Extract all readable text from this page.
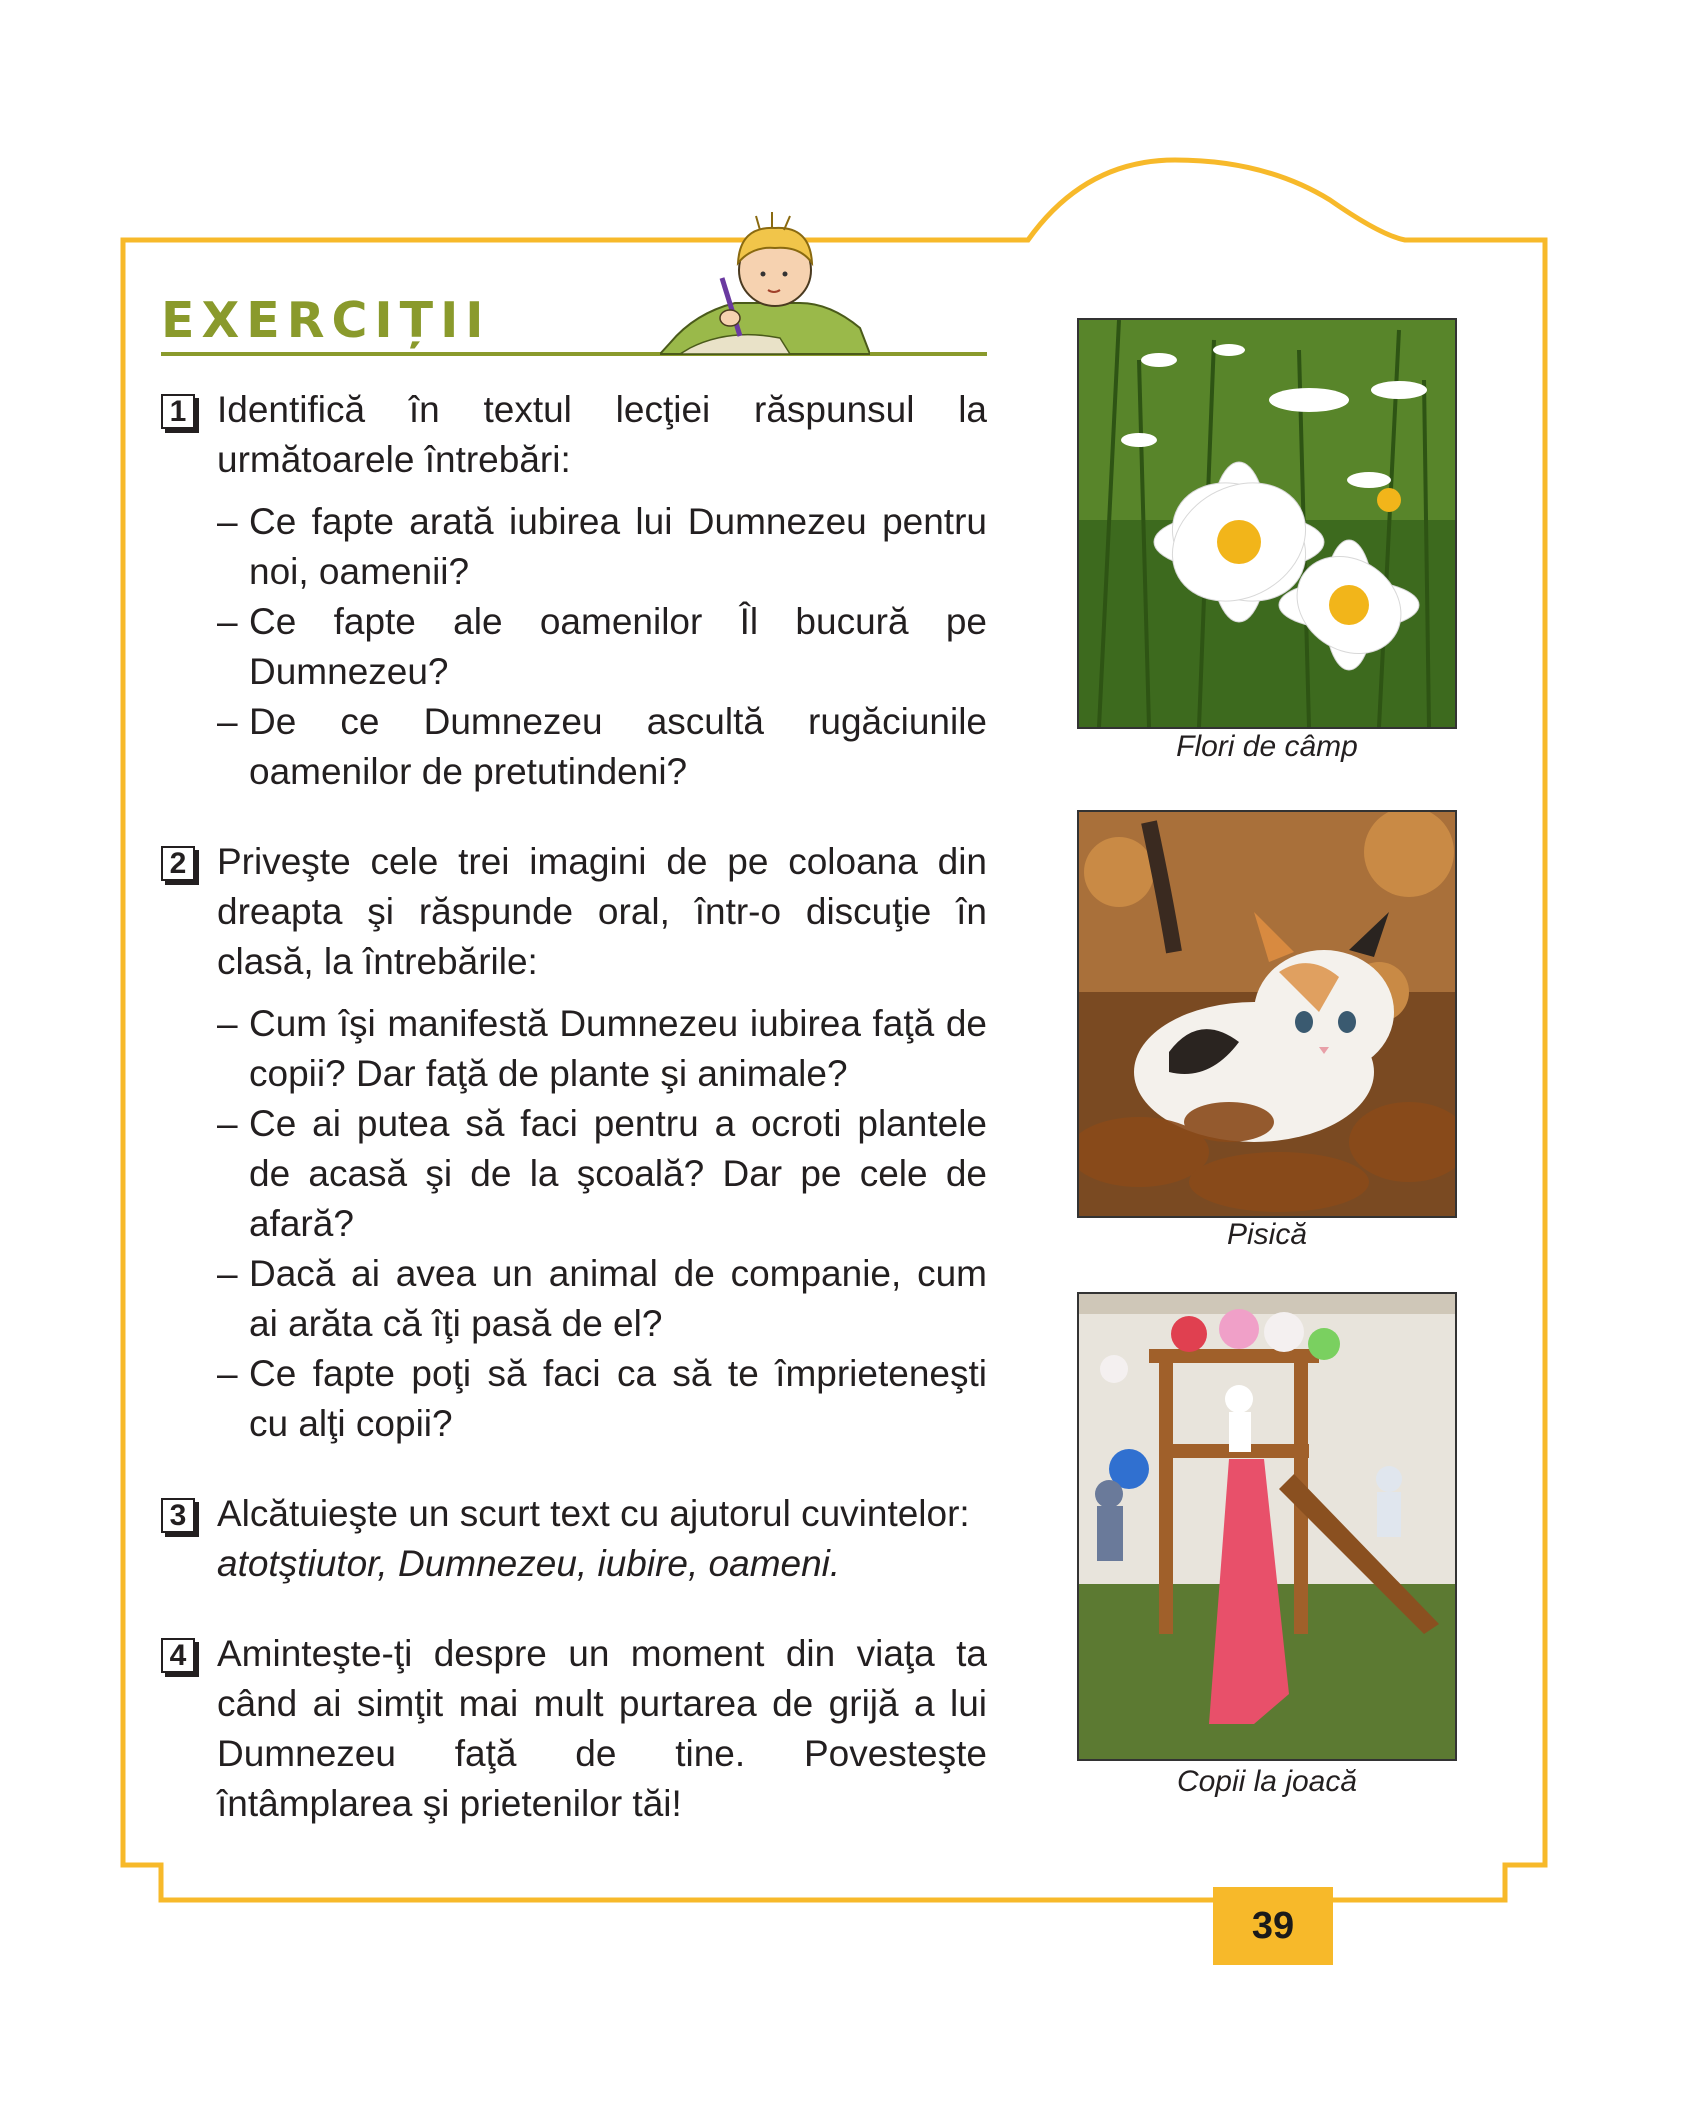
EXERCIȚII
1 Identifică în textul lecţiei răspunsul la următoarele întrebări:
– Ce fapte arată iubirea lui Dumnezeu pentru noi, oamenii?
– Ce fapte ale oamenilor Îl bucură pe Dumnezeu?
– De ce Dumnezeu ascultă rugăciunile oamenilor de pretutindeni?
2 Priveşte cele trei imagini de pe coloana din dreapta şi răspunde oral, într-o discuţie în clasă, la întrebările:
– Cum îşi manifestă Dumnezeu iubirea faţă de copii? Dar faţă de plante şi animale?
– Ce ai putea să faci pentru a ocroti plantele de acasă şi de la şcoală? Dar pe cele de afară?
– Dacă ai avea un animal de companie, cum ai arăta că îţi pasă de el?
– Ce fapte poţi să faci ca să te împrieteneşti cu alţi copii?
3 Alcătuieşte un scurt text cu ajutorul cuvintelor:
atotştiutor, Dumnezeu, iubire, oameni.
4 Aminteşte-ţi despre un moment din viaţa ta când ai simţit mai mult purtarea de grijă a lui Dumnezeu faţă de tine. Povesteşte întâmplarea şi prietenilor tăi!
Flori de câmp
Pisică
Copii la joacă
39
